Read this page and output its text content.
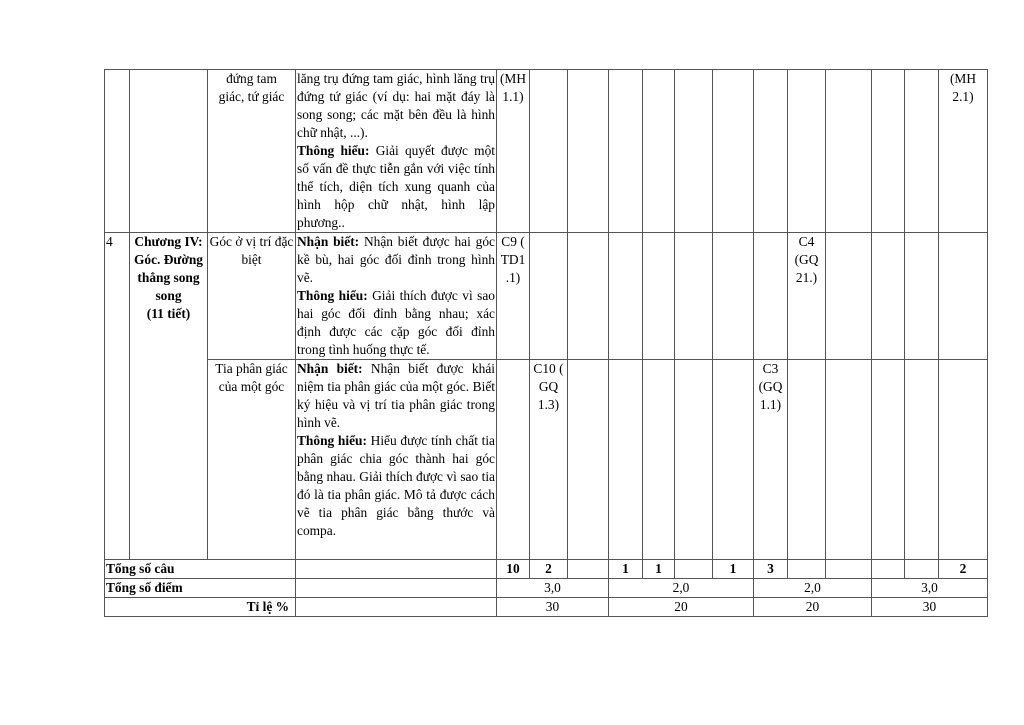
		đứng tam
giác, tứ giác	lăng trụ đứng tam giác, hình lăng trụ đứng tứ giác (ví dụ: hai mặt đáy là song song; các mặt bên đều là hình chữ nhật, ...).
Thông hiểu: Giải quyết được một số vấn đề thực tiễn gắn với việc tính thể tích, diện tích xung quanh của hình hộp chữ nhật, hình lập phương..	(MH 1.1)												(MH 2.1)
4	Chương IV: Góc. Đường thẳng song song
(11 tiết)	Góc ở vị trí đặc biệt	Nhận biết: Nhận biết được hai góc kề bù, hai góc đối đỉnh trong hình vẽ.
Thông hiểu: Giải thích được vì sao hai góc đối đỉnh bằng nhau; xác định được các cặp góc đối đỉnh trong tình huống thực tế.	C9 ( TD1 .1)								C4 (GQ 21.)				
		Tia phân giác của một góc	Nhận biết: Nhận biết được khái niệm tia phân giác của một góc. Biết ký hiệu và vị trí tia phân giác trong hình vẽ.
Thông hiểu: Hiểu được tính chất tia phân giác chia góc thành hai góc bằng nhau. Giải thích được vì sao tia đó là tia phân giác. Mô tả được cách vẽ tia phân giác bằng thước và compa.		C10 ( GQ 1.3)						C3 (GQ 1.1)					
Tổng số câu				10	2		1	1		1	3					2
Tổng số điểm				3,0			2,0				2,0			3,0		
Tỉ lệ %				30			20				20			30		
